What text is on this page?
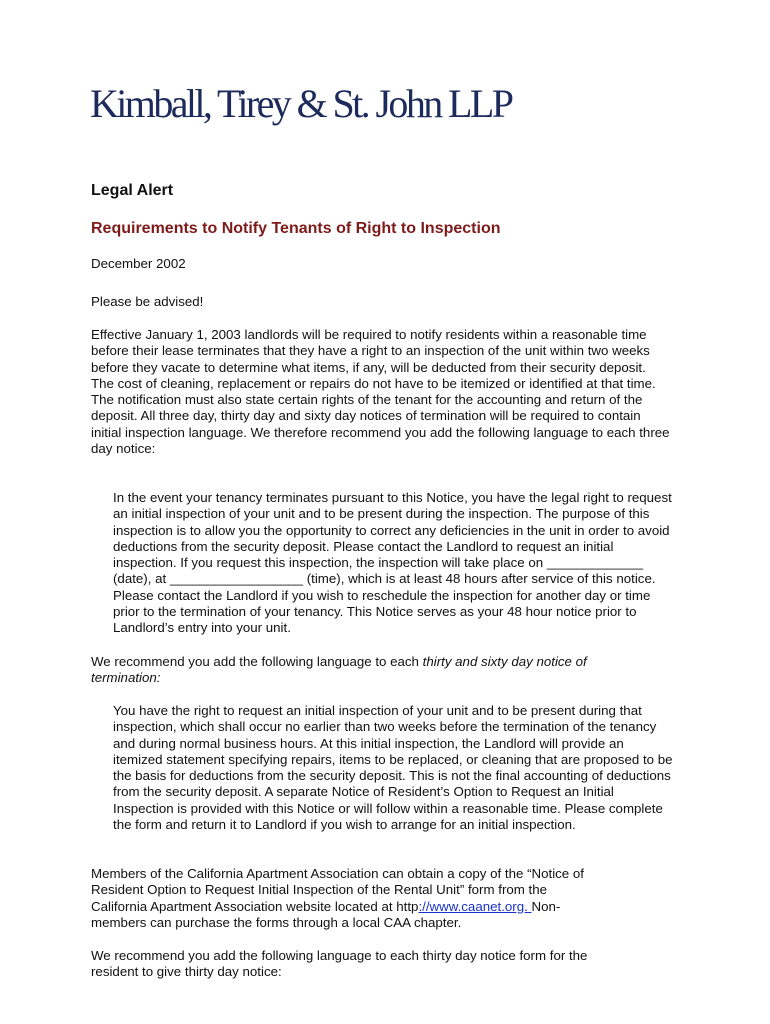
Kimball, Tirey & St. John LLP
Legal Alert
Requirements to Notify Tenants of Right to Inspection

December 2002

Please be advised!

Effective January 1, 2003 landlords will be required to notify residents within a reasonable time
before their lease terminates that they have a right to an inspection of the unit within two weeks
before they vacate to determine what items, if any, will be deducted from their security deposit.
The cost of cleaning, replacement or repairs do not have to be itemized or identified at that time.
The notification must also state certain rights of the tenant for the accounting and return of the
deposit. All three day, thirty day and sixty day notices of termination will be required to contain
initial inspection language. We therefore recommend you add the following language to each three
day notice:

In the event your tenancy terminates pursuant to this Notice, you have the legal right to request
an initial inspection of your unit and to be present during the inspection. The purpose of this
inspection is to allow you the opportunity to correct any deficiencies in the unit in order to avoid
deductions from the security deposit. Please contact the Landlord to request an initial
inspection. If you request this inspection, the inspection will take place on _____________
(date), at __________________ (time), which is at least 48 hours after service of this notice.
Please contact the Landlord if you wish to reschedule the inspection for another day or time
prior to the termination of your tenancy. This Notice serves as your 48 hour notice prior to
Landlord’s entry into your unit.

We recommend you add the following language to each thirty and sixty day notice of
termination:

You have the right to request an initial inspection of your unit and to be present during that
inspection, which shall occur no earlier than two weeks before the termination of the tenancy
and during normal business hours. At this initial inspection, the Landlord will provide an
itemized statement specifying repairs, items to be replaced, or cleaning that are proposed to be
the basis for deductions from the security deposit. This is not the final accounting of deductions
from the security deposit. A separate Notice of Resident’s Option to Request an Initial
Inspection is provided with this Notice or will follow within a reasonable time. Please complete
the form and return it to Landlord if you wish to arrange for an initial inspection.

Members of the California Apartment Association can obtain a copy of the “Notice of
Resident Option to Request Initial Inspection of the Rental Unit” form from the
California Apartment Association website located at http://www.caanet.org. Non-
members can purchase the forms through a local CAA chapter.

We recommend you add the following language to each thirty day notice form for the
resident to give thirty day notice:
